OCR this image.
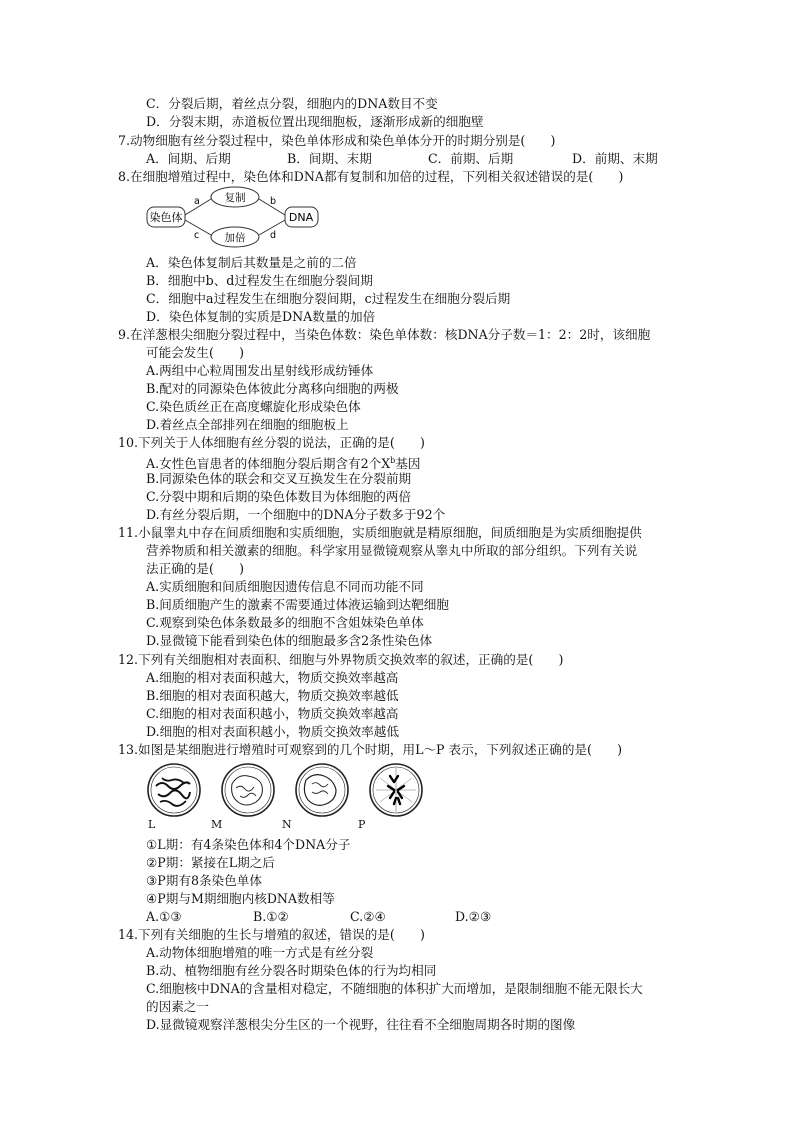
C．分裂后期，着丝点分裂，细胞内的DNA数目不变
D．分裂末期，赤道板位置出现细胞板，逐渐形成新的细胞壁
7.动物细胞有丝分裂过程中，染色单体形成和染色单体分开的时期分别是(　　)
A．间期、后期	B．间期、末期	C．前期、后期	D．前期、末期
8.在细胞增殖过程中，染色体和DNA都有复制和加倍的过程，下列相关叙述错误的是(　　)
染色体	DNA
复制
加倍
a	b
c	d
A．染色体复制后其数量是之前的二倍
B．细胞中b、d过程发生在细胞分裂间期
C．细胞中a过程发生在细胞分裂间期，c过程发生在细胞分裂后期
D．染色体复制的实质是DNA数量的加倍
9.在洋葱根尖细胞分裂过程中，当染色体数：染色单体数：核DNA分子数＝1：2：2时，该细胞
可能会发生(　　)
A.两组中心粒周围发出星射线形成纺锤体
B.配对的同源染色体彼此分离移向细胞的两极
C.染色质丝正在高度螺旋化形成染色体
D.着丝点全部排列在细胞的细胞板上
10.下列关于人体细胞有丝分裂的说法，正确的是(　　)
A.女性色盲患者的体细胞分裂后期含有2个$X^b$基因
B.同源染色体的联会和交叉互换发生在分裂前期
C.分裂中期和后期的染色体数目为体细胞的两倍
D.有丝分裂后期，一个细胞中的DNA分子数多于92个
11.小鼠睾丸中存在间质细胞和实质细胞，实质细胞就是精原细胞，间质细胞是为实质细胞提供
营养物质和相关激素的细胞。科学家用显微镜观察从睾丸中所取的部分组织。下列有关说
法正确的是(　　)
A.实质细胞和间质细胞因遗传信息不同而功能不同
B.间质细胞产生的激素不需要通过体液运输到达靶细胞
C.观察到染色体条数最多的细胞不含姐妹染色单体
D.显微镜下能看到染色体的细胞最多含2条性染色体
12.下列有关细胞相对表面积、细胞与外界物质交换效率的叙述，正确的是(　　)
A.细胞的相对表面积越大，物质交换效率越高
B.细胞的相对表面积越大，物质交换效率越低
C.细胞的相对表面积越小，物质交换效率越高
D.细胞的相对表面积越小，物质交换效率越低
13.如图是某细胞进行增殖时可观察到的几个时期，用L～P 表示，下列叙述正确的是(　　)
L	M	N	P
①L期：有4条染色体和4个DNA分子
②P期：紧接在L期之后
③P期有8条染色单体
④P期与M期细胞内核DNA数相等
A.①③	B.①②	C.②④	D.②③
14.下列有关细胞的生长与增殖的叙述，错误的是(　　)
A.动物体细胞增殖的唯一方式是有丝分裂
B.动、植物细胞有丝分裂各时期染色体的行为均相同
C.细胞核中DNA的含量相对稳定，不随细胞的体积扩大而增加，是限制细胞不能无限长大
的因素之一
D.显微镜观察洋葱根尖分生区的一个视野，往往看不全细胞周期各时期的图像
